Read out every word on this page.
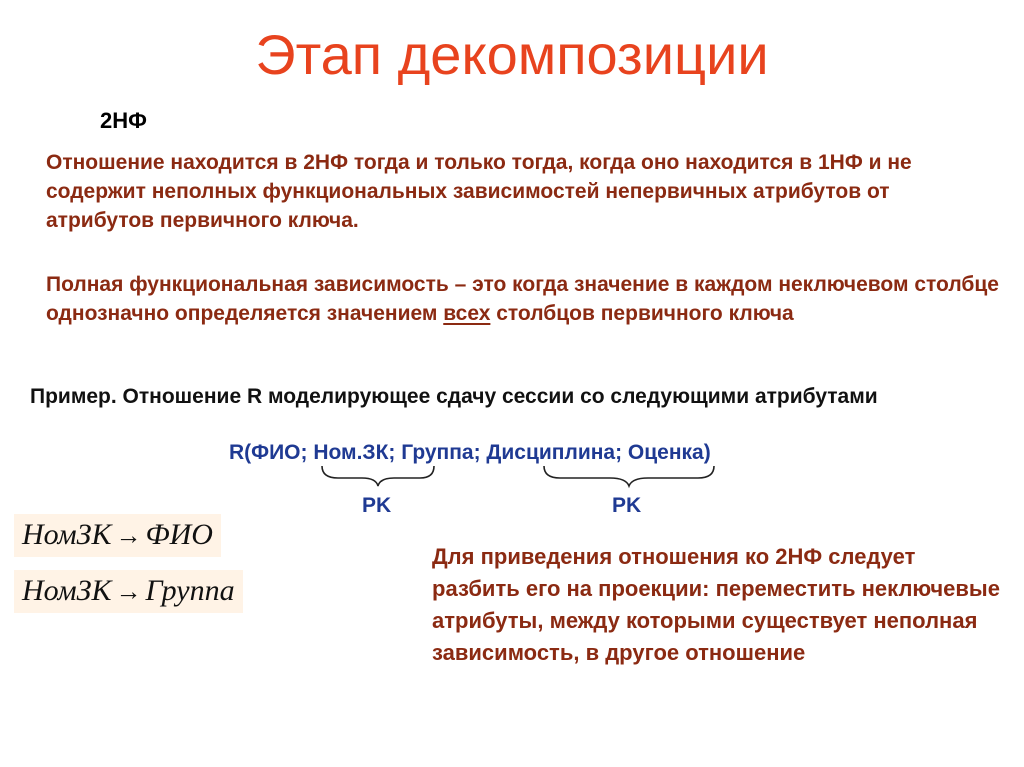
Этап декомпозиции
2НФ
Отношение находится в 2НФ тогда и только тогда, когда оно находится в 1НФ и не содержит неполных функциональных зависимостей непервичных атрибутов от атрибутов первичного ключа.
Полная функциональная зависимость – это когда значение в каждом неключевом столбце однозначно определяется значением всех столбцов первичного ключа
Пример. Отношение R моделирующее сдачу сессии со следующими атрибутами
R(ФИО; Ном.ЗК; Группа; Дисциплина; Оценка)
PK	PK
НомЗК → ФИО
НомЗК → Группа
Для приведения отношения ко 2НФ следует разбить его на проекции: переместить неключевые атрибуты, между которыми существует неполная зависимость, в другое отношение
